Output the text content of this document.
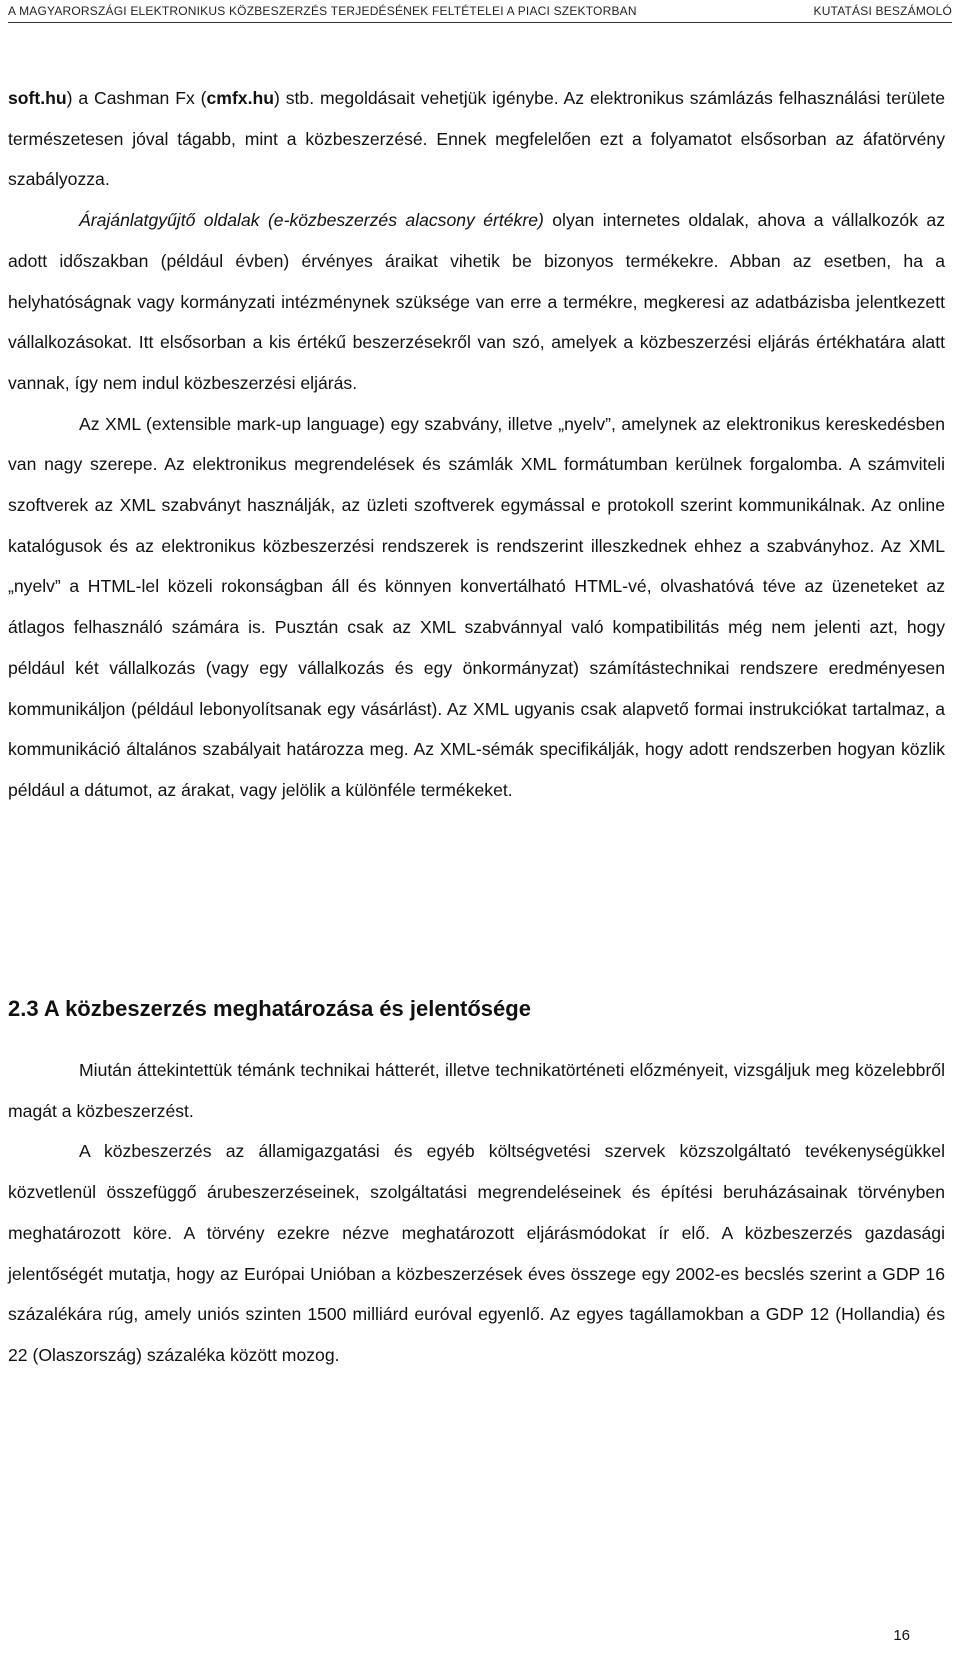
A MAGYARORSZÁGI ELEKTRONIKUS KÖZBESZERZÉS TERJEDÉSÉNEK FELTÉTELEI A PIACI SZEKTORBAN	KUTATÁSI BESZÁMOLÓ

soft.hu) a Cashman Fx (cmfx.hu) stb. megoldásait vehetjük igénybe. Az elektronikus számlázás felhasználási területe természetesen jóval tágabb, mint a közbeszerzésé. Ennek megfelelően ezt a folyamatot elsősorban az áfatörvény szabályozza.

Árajánlatgyűjtő oldalak (e-közbeszerzés alacsony értékre) olyan internetes oldalak, ahova a vállalkozók az adott időszakban (például évben) érvényes áraikat vihetik be bizonyos termékekre. Abban az esetben, ha a helyhatóságnak vagy kormányzati intézménynek szüksége van erre a termékre, megkeresi az adatbázisba jelentkezett vállalkozásokat. Itt elsősorban a kis értékű beszerzésekről van szó, amelyek a közbeszerzési eljárás értékhatára alatt vannak, így nem indul közbeszerzési eljárás.

Az XML (extensible mark-up language) egy szabvány, illetve „nyelv”, amelynek az elektronikus kereskedésben van nagy szerepe. Az elektronikus megrendelések és számlák XML formátumban kerülnek forgalomba. A számviteli szoftverek az XML szabványt használják, az üzleti szoftverek egymással e protokoll szerint kommunikálnak. Az online katalógusok és az elektronikus közbeszerzési rendszerek is rendszerint illeszkednek ehhez a szabványhoz. Az XML „nyelv” a HTML-lel közeli rokonságban áll és könnyen konvertálható HTML-vé, olvashatóvá téve az üzeneteket az átlagos felhasználó számára is. Pusztán csak az XML szabvánnyal való kompatibilitás még nem jelenti azt, hogy például két vállalkozás (vagy egy vállalkozás és egy önkormányzat) számítástechnikai rendszere eredményesen kommunikáljon (például lebonyolítsanak egy vásárlást). Az XML ugyanis csak alapvető formai instrukciókat tartalmaz, a kommunikáció általános szabályait határozza meg. Az XML-sémák specifikálják, hogy adott rendszerben hogyan közlik például a dátumot, az árakat, vagy jelölik a különféle termékeket.

2.3 A közbeszerzés meghatározása és jelentősége

Miután áttekintettük témánk technikai hátterét, illetve technikatörténeti előzményeit, vizsgáljuk meg közelebbről magát a közbeszerzést.

A közbeszerzés az államigazgatási és egyéb költségvetési szervek közszolgáltató tevékenységükkel közvetlenül összefüggő árubeszerzéseinek, szolgáltatási megrendeléseinek és építési beruházásainak törvényben meghatározott köre. A törvény ezekre nézve meghatározott eljárásmódokat ír elő. A közbeszerzés gazdasági jelentőségét mutatja, hogy az Európai Unióban a közbeszerzések éves összege egy 2002-es becslés szerint a GDP 16 százalékára rúg, amely uniós szinten 1500 milliárd euróval egyenlő. Az egyes tagállamokban a GDP 12 (Hollandia) és 22 (Olaszország) százaléka között mozog.

16
